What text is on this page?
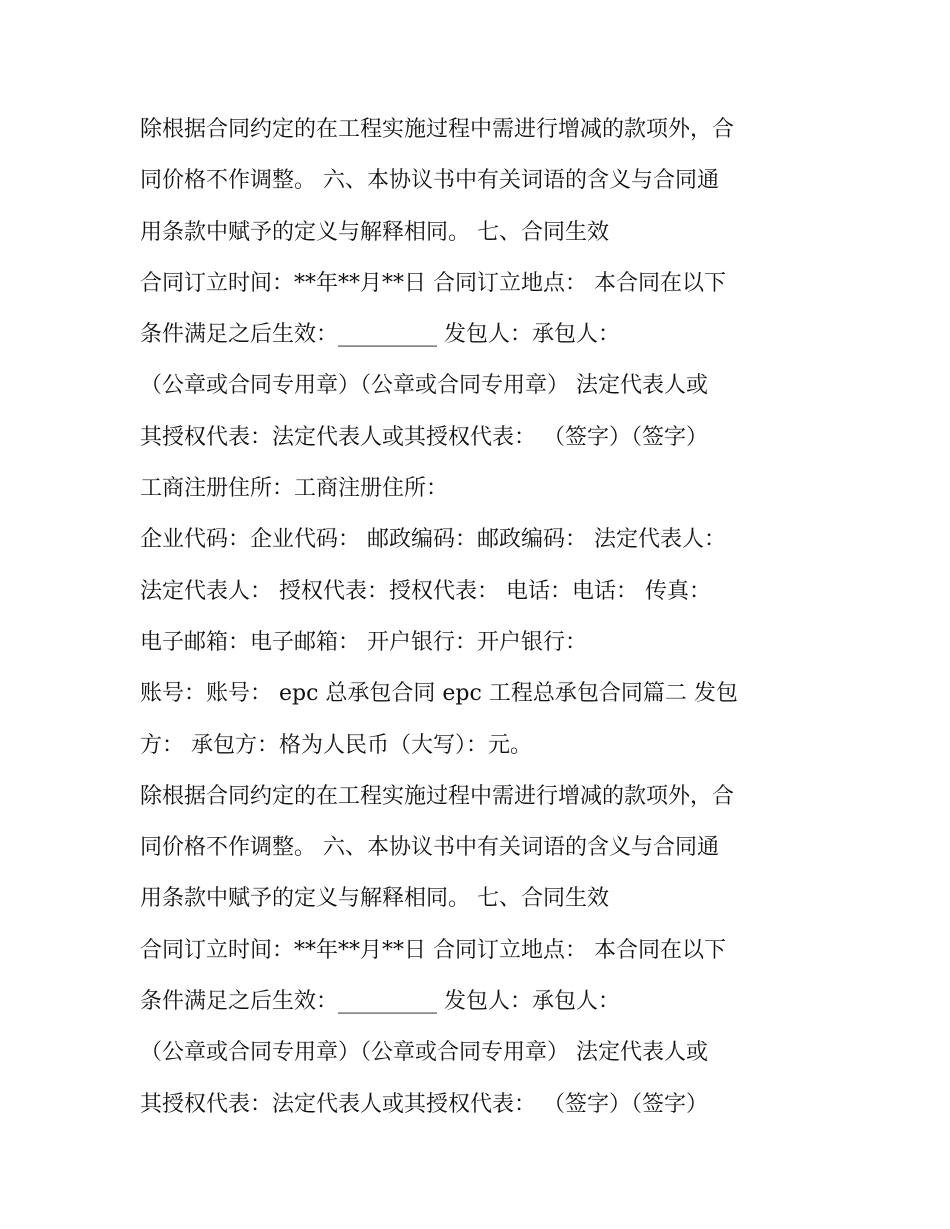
除根据合同约定的在工程实施过程中需进行增减的款项外，合
同价格不作调整。 六、本协议书中有关词语的含义与合同通
用条款中赋予的定义与解释相同。 七、合同生效
合同订立时间：**年**月**日 合同订立地点： 本合同在以下
条件满足之后生效：_________ 发包人：承包人：
（公章或合同专用章）（公章或合同专用章） 法定代表人或
其授权代表：法定代表人或其授权代表： （签字）（签字）
工商注册住所：工商注册住所：
企业代码：企业代码： 邮政编码：邮政编码： 法定代表人：
法定代表人： 授权代表：授权代表： 电话：电话： 传真：
电子邮箱：电子邮箱： 开户银行：开户银行：
账号：账号： epc 总承包合同 epc 工程总承包合同篇二 发包
方： 承包方：格为人民币（大写）：元。
除根据合同约定的在工程实施过程中需进行增减的款项外，合
同价格不作调整。 六、本协议书中有关词语的含义与合同通
用条款中赋予的定义与解释相同。 七、合同生效
合同订立时间：**年**月**日 合同订立地点： 本合同在以下
条件满足之后生效：_________ 发包人：承包人：
（公章或合同专用章）（公章或合同专用章） 法定代表人或
其授权代表：法定代表人或其授权代表： （签字）（签字）
